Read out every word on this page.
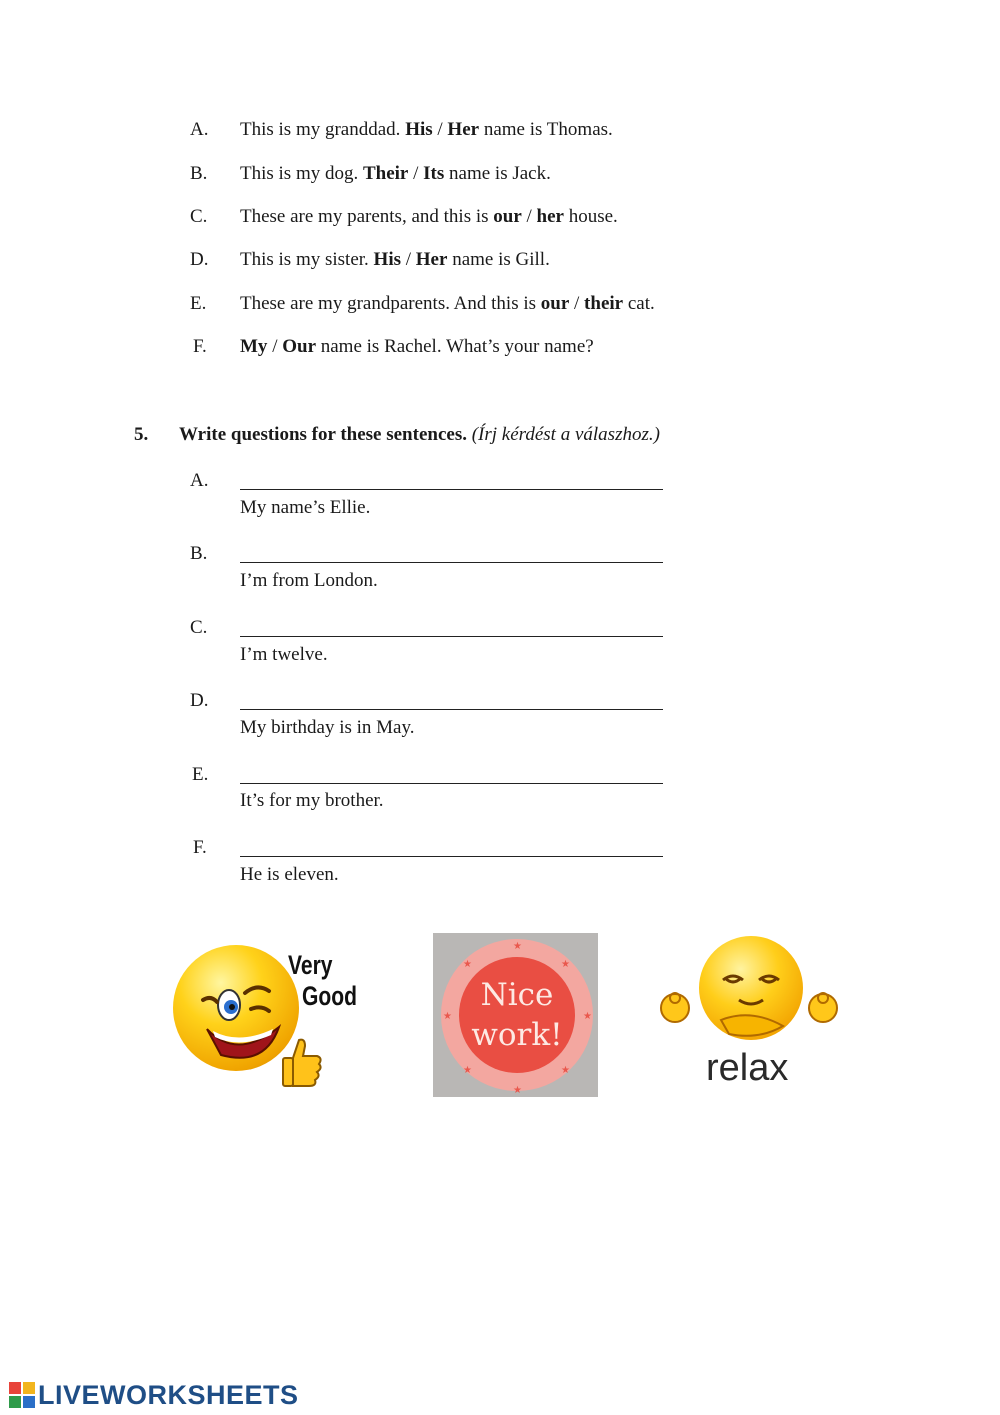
A.	This is my granddad. His / Her name is Thomas.
B.	This is my dog. Their / Its name is Jack.
C.	These are my parents, and this is our / her house.
D.	This is my sister. His / Her name is Gill.
E.	These are my grandparents. And this is our / their cat.
F.	My / Our name is Rachel. What’s your name?
5. Write questions for these sentences. (Írj kérdést a válaszhoz.)
A.
My name’s Ellie.
B.
I’m from London.
C.
I’m twelve.
D.
My birthday is in May.
E.
It’s for my brother.
F.
He is eleven.
Very
Good	Nice
work!
★
★
★	★
★	★
★	★	relax
LIVEWORKSHEETS
